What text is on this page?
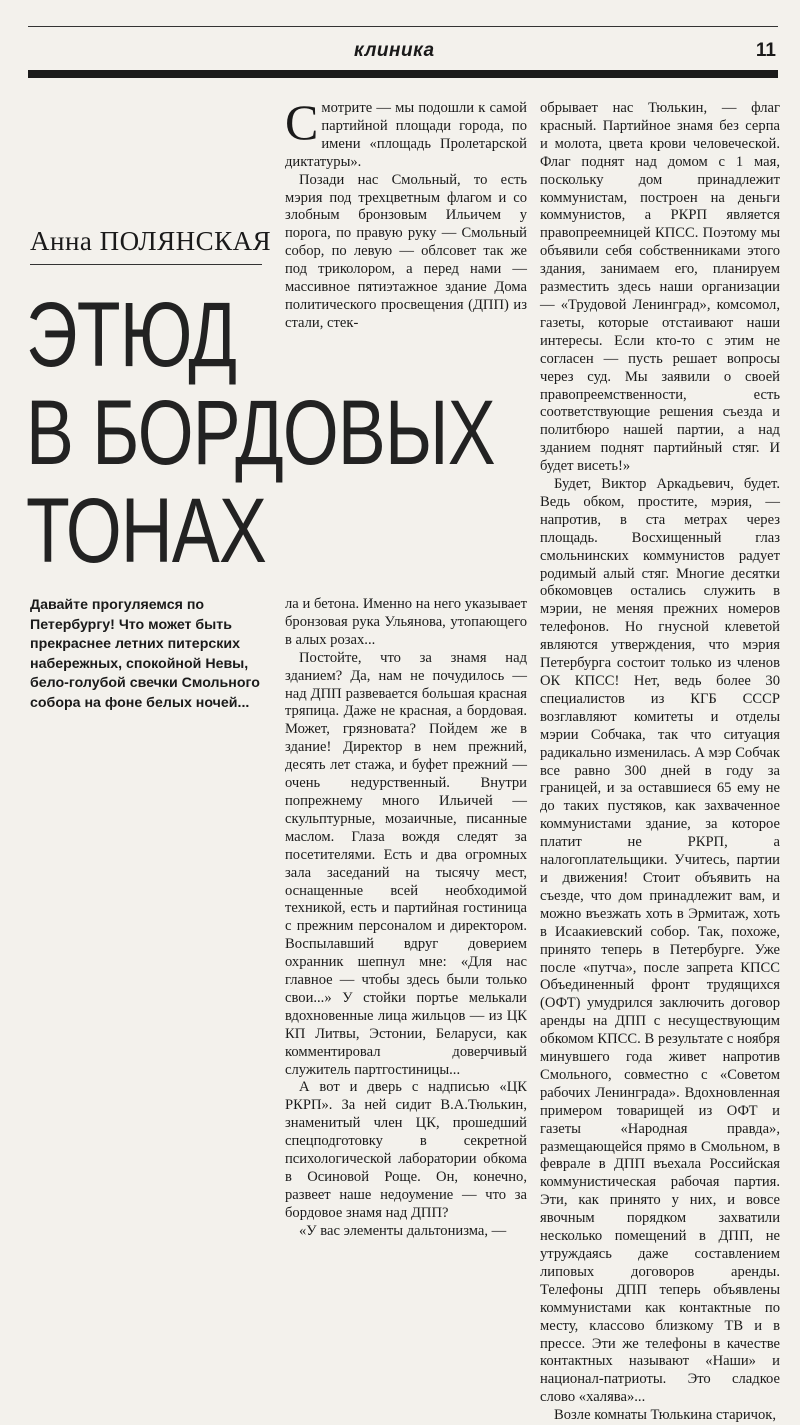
клиника	11
Анна ПОЛЯНСКАЯ
ЭТЮД
В БОРДОВЫХ
ТОНАХ
Давайте прогуляемся по Петербургу! Что может быть прекраснее летних питерских набережных, спокойной Невы, бело-голубой свечки Смольного собора на фоне белых ночей...

Смотрите — мы подошли к самой партийной площади города, по имени «площадь Пролетарской диктатуры».

Позади нас Смольный, то есть мэрия под трехцветным флагом и со злобным бронзовым Ильичем у порога, по правую руку — Смольный собор, по левую — облсовет так же под триколором, а перед нами — массивное пятиэтажное здание Дома политического просвещения (ДПП) из стали, стек-

ла и бетона. Именно на него указывает бронзовая рука Ульянова, утопающего в алых розах...

Постойте, что за знамя над зданием? Да, нам не почудилось — над ДПП развевается большая красная тряпица. Даже не красная, а бордовая. Может, грязновата? Пойдем же в здание! Директор в нем прежний, десять лет стажа, и буфет прежний — очень недурственный. Внутри попрежнему много Ильичей — скульптурные, мозаичные, писанные маслом. Глаза вождя следят за посетителями. Есть и два огромных зала заседаний на тысячу мест, оснащенные всей необходимой техникой, есть и партийная гостиница с прежним персоналом и директором. Воспылавший вдруг доверием охранник шепнул мне: «Для нас главное — чтобы здесь были только свои...» У стойки портье мелькали вдохновенные лица жильцов — из ЦК КП Литвы, Эстонии, Беларуси, как комментировал доверчивый служитель партгостиницы...

А вот и дверь с надписью «ЦК РКРП». За ней сидит В.А.Тюлькин, знаменитый член ЦК, прошедший спецподготовку в секретной психологической лаборатории обкома в Осиновой Роще. Он, конечно, развеет наше недоумение — что за бордовое знамя над ДПП?

«У вас элементы дальтонизма, —

обрывает нас Тюлькин, — флаг красный. Партийное знамя без серпа и молота, цвета крови человеческой. Флаг поднят над домом с 1 мая, поскольку дом принадлежит коммунистам, построен на деньги коммунистов, а РКРП является правопреемницей КПСС. Поэтому мы объявили себя собственниками этого здания, занимаем его, планируем разместить здесь наши организации — «Трудовой Ленинград», комсомол, газеты, которые отстаивают наши интересы. Если кто-то с этим не согласен — пусть решает вопросы через суд. Мы заявили о своей правопреемственности, есть соответствующие решения съезда и политбюро нашей партии, а над зданием поднят партийный стяг. И будет висеть!»

Будет, Виктор Аркадьевич, будет. Ведь обком, простите, мэрия, — напротив, в ста метрах через площадь. Восхищенный глаз смольнинских коммунистов радует родимый алый стяг. Многие десятки обкомовцев остались служить в мэрии, не меняя прежних номеров телефонов. Но гнусной клеветой являются утверждения, что мэрия Петербурга состоит только из членов ОК КПСС! Нет, ведь более 30 специалистов из КГБ СССР возглавляют комитеты и отделы мэрии Собчака, так что ситуация радикально изменилась. А мэр Собчак все равно 300 дней в году за границей, и за оставшиеся 65 ему не до таких пустяков, как захваченное коммунистами здание, за которое платит не РКРП, а налогоплательщики. Учитесь, партии и движения! Стоит объявить на съезде, что дом принадлежит вам, и можно въезжать хоть в Эрмитаж, хоть в Исаакиевский собор. Так, похоже, принято теперь в Петербурге. Уже после «путча», после запрета КПСС Объединенный фронт трудящихся (ОФТ) умудрился заключить договор аренды на ДПП с несуществующим обкомом КПСС. В результате с ноября минувшего года живет напротив Смольного, совместно с «Советом рабочих Ленинграда». Вдохновленная примером товарищей из ОФТ и газеты «Народная правда», размещающейся прямо в Смольном, в феврале в ДПП въехала Российская коммунистическая рабочая партия. Эти, как принято у них, и вовсе явочным порядком захватили несколько помещений в ДПП, не утруждаясь даже составлением липовых договоров аренды. Телефоны ДПП теперь объявлены коммунистами как контактные по месту, классово близкому ТВ и в прессе. Эти же телефоны в качестве контактных называют «Наши» и национал-патриоты. Это сладкое слово «халява»...

Возле комнаты Тюлькина старичок,
